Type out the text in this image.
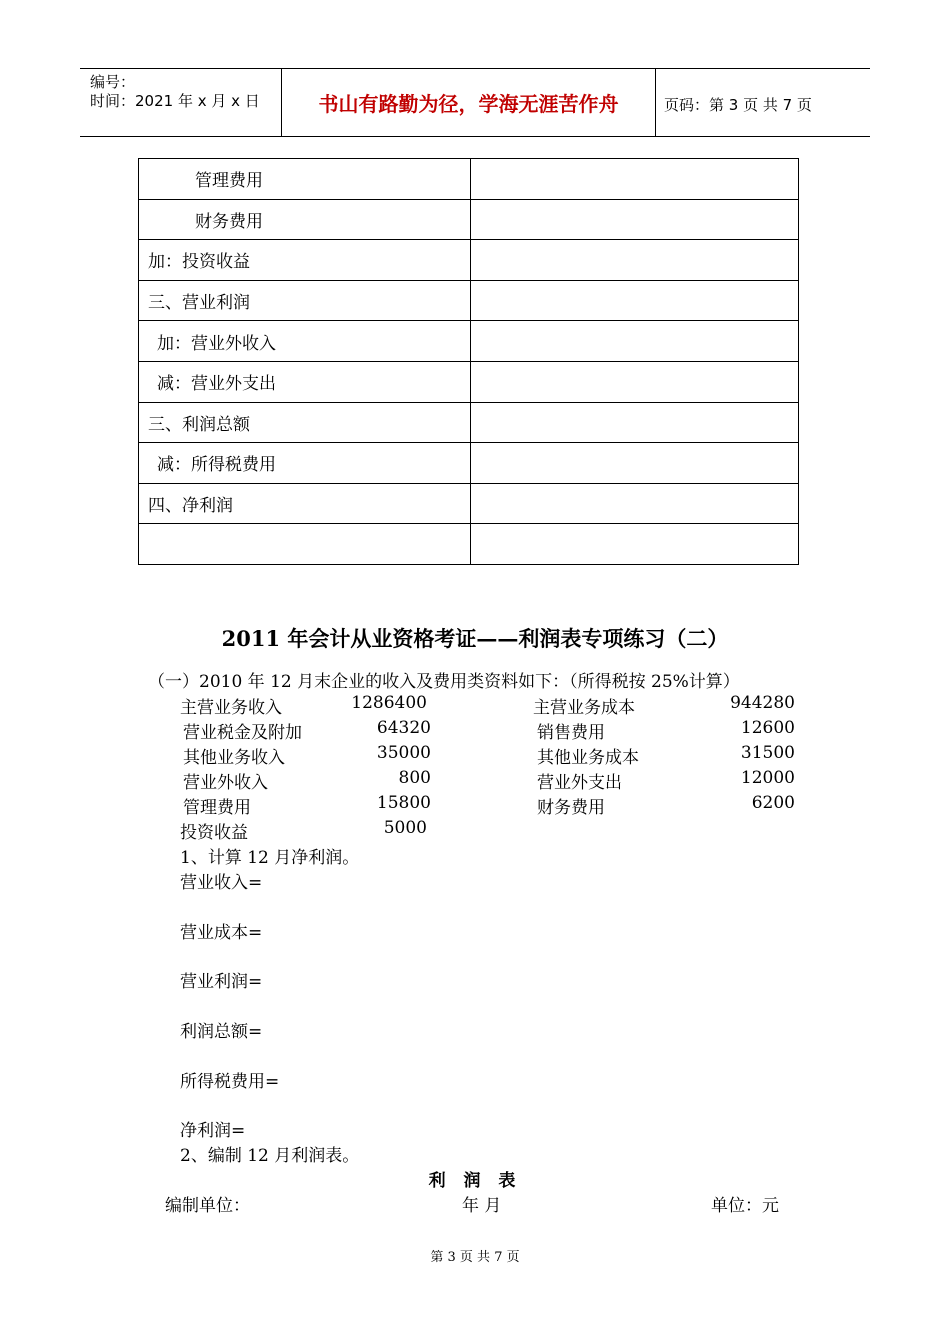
编号：
时间：2021 年 x 月 x 日	书山有路勤为径，学海无涯苦作舟	页码：第 3 页 共 7 页
管理费用	
财务费用	
加：投资收益	
三、营业利润	
加：营业外收入	
减：营业外支出	
三、利润总额	
减：所得税费用	
四、净利润	

2011 年会计从业资格考证——利润表专项练习（二）
（一）2010 年 12 月末企业的收入及费用类资料如下：（所得税按 25%计算）
主营业务收入	1286400	主营业务成本	944280
营业税金及附加	64320	销售费用	12600
其他业务收入	35000	其他业务成本	31500
营业外收入	800	营业外支出	12000
管理费用	15800	财务费用	6200
投资收益	5000
1、计算 12 月净利润。
营业收入=
营业成本=
营业利润=
利润总额=
所得税费用=
净利润=
2、编制 12 月利润表。
利 润 表
编制单位：	年 月	单位：元
第 3 页 共 7 页
